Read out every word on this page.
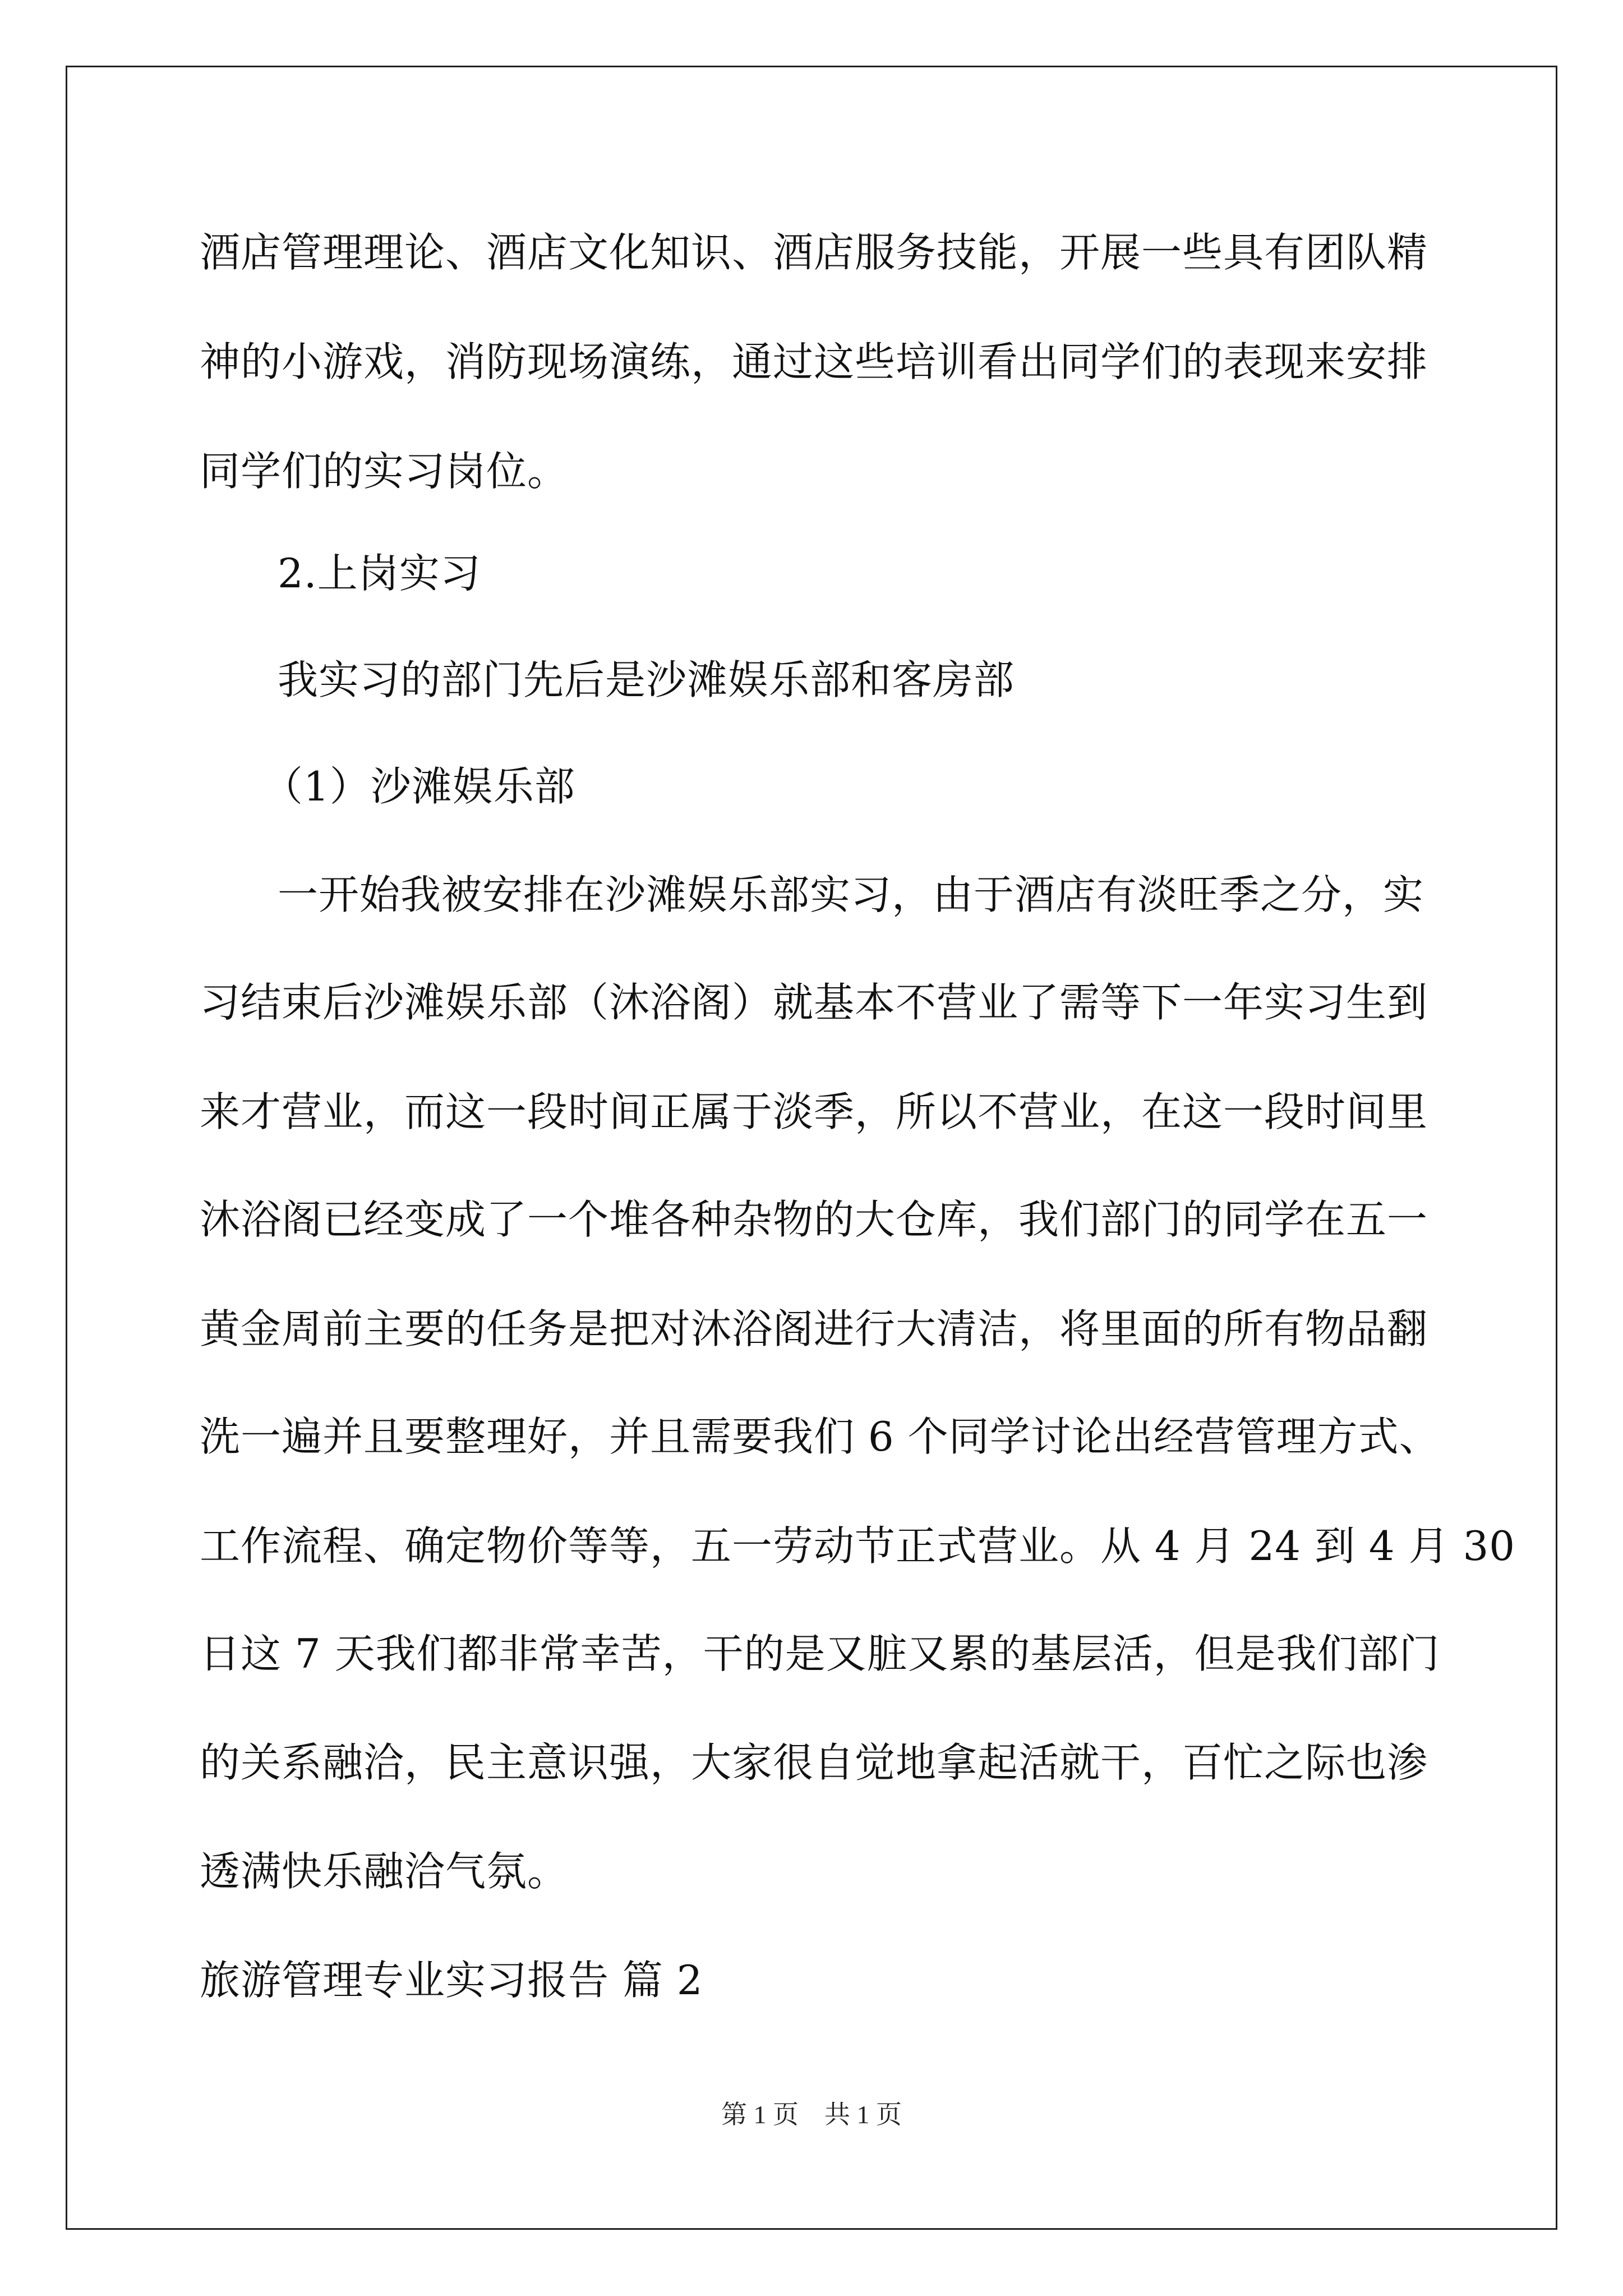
酒店管理理论、酒店文化知识、酒店服务技能，开展一些具有团队精

神的小游戏，消防现场演练，通过这些培训看出同学们的表现来安排

同学们的实习岗位。

2.上岗实习

我实习的部门先后是沙滩娱乐部和客房部

（1）沙滩娱乐部

一开始我被安排在沙滩娱乐部实习，由于酒店有淡旺季之分，实

习结束后沙滩娱乐部（沐浴阁）就基本不营业了需等下一年实习生到

来才营业，而这一段时间正属于淡季，所以不营业，在这一段时间里

沐浴阁已经变成了一个堆各种杂物的大仓库，我们部门的同学在五一

黄金周前主要的任务是把对沐浴阁进行大清洁，将里面的所有物品翻

洗一遍并且要整理好，并且需要我们 6 个同学讨论出经营管理方式、

工作流程、确定物价等等，五一劳动节正式营业。从 4 月 24 到 4 月 30

日这 7 天我们都非常幸苦，干的是又脏又累的基层活，但是我们部门

的关系融洽，民主意识强，大家很自觉地拿起活就干，百忙之际也渗

透满快乐融洽气氛。

旅游管理专业实习报告 篇 2

第 1 页　共 1 页
